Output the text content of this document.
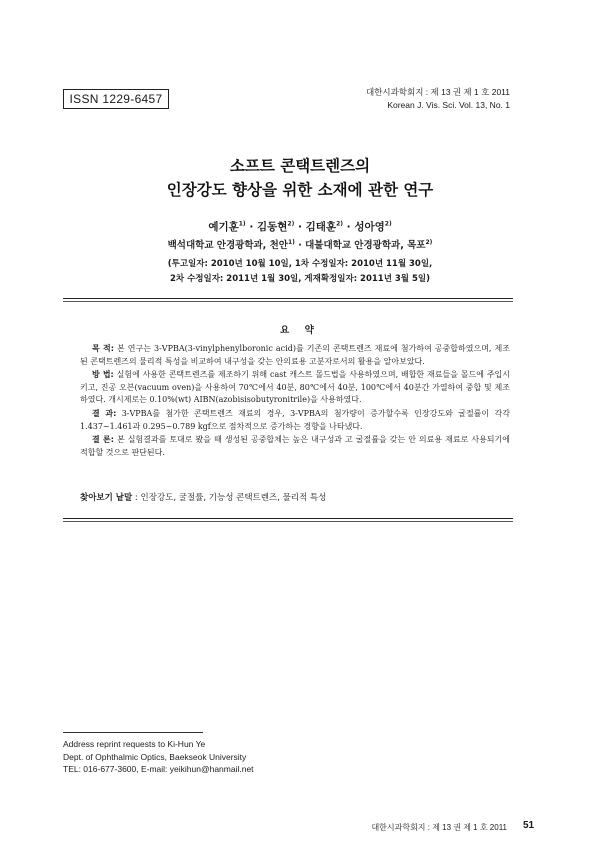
ISSN 1229-6457	대한시과학회지 : 제 13 권 제 1 호 2011
Korean J. Vis. Sci. Vol. 13, No. 1
소프트 콘택트렌즈의
인장강도 향상을 위한 소재에 관한 연구
예기훈$^{1)}$ · 김동현$^{2)}$ · 김태훈$^{2)}$ · 성아영$^{2)}$
백석대학교 안경광학과, 천안$^{1)}$ · 대불대학교 안경광학과, 목포$^{2)}$
(투고일자: 2010년 10월 10일, 1차 수정일자: 2010년 11월 30일,
2차 수정일자: 2011년 1월 30일, 게재확정일자: 2011년 3월 5일)
요 약

목 적: 본 연구는 3-VPBA(3-vinylphenylboronic acid)를 기존의 콘택트렌즈 재료에 첨가하여 공중합하였으며, 제조된 콘택트렌즈의 물리적 특성을 비교하여 내구성을 갖는 안의료용 고분자로서의 활용을 알아보았다.

방 법: 실험에 사용한 콘택트렌즈를 제조하기 위해 cast 캐스트 몰드법을 사용하였으며, 배합한 재료들을 몰드에 주입시키고, 진공 오븐(vacuum oven)을 사용하여 70℃에서 40분, 80℃에서 40분, 100℃에서 40분간 가열하여 중합 및 제조하였다. 개시제로는 0.10%(wt) AIBN(azobisisobutyronitrile)을 사용하였다.

결 과: 3-VPBA를 첨가한 콘택트렌즈 재료의 경우, 3-VPBA의 첨가량이 증가할수록 인장강도와 굴절률이 각각 1.437~1.461과 0.295~0.789 kgf으로 점차적으로 증가하는 경향을 나타냈다.

결 론: 본 실험결과를 토대로 봤을 때 생성된 공중합체는 높은 내구성과 고 굴절률을 갖는 안 의료용 재료로 사용되기에 적합할 것으로 판단된다.

찾아보기 낱말 : 인장강도, 굴절률, 기능성 콘택트렌즈, 물리적 특성
Address reprint requests to Ki-Hun Ye
Dept. of Ophthalmic Optics, Baekseok University
TEL: 016-677-3600, E-mail: yeikihun@hanmail.net
대한시과학회지 : 제 13 권 제 1 호 2011 51
